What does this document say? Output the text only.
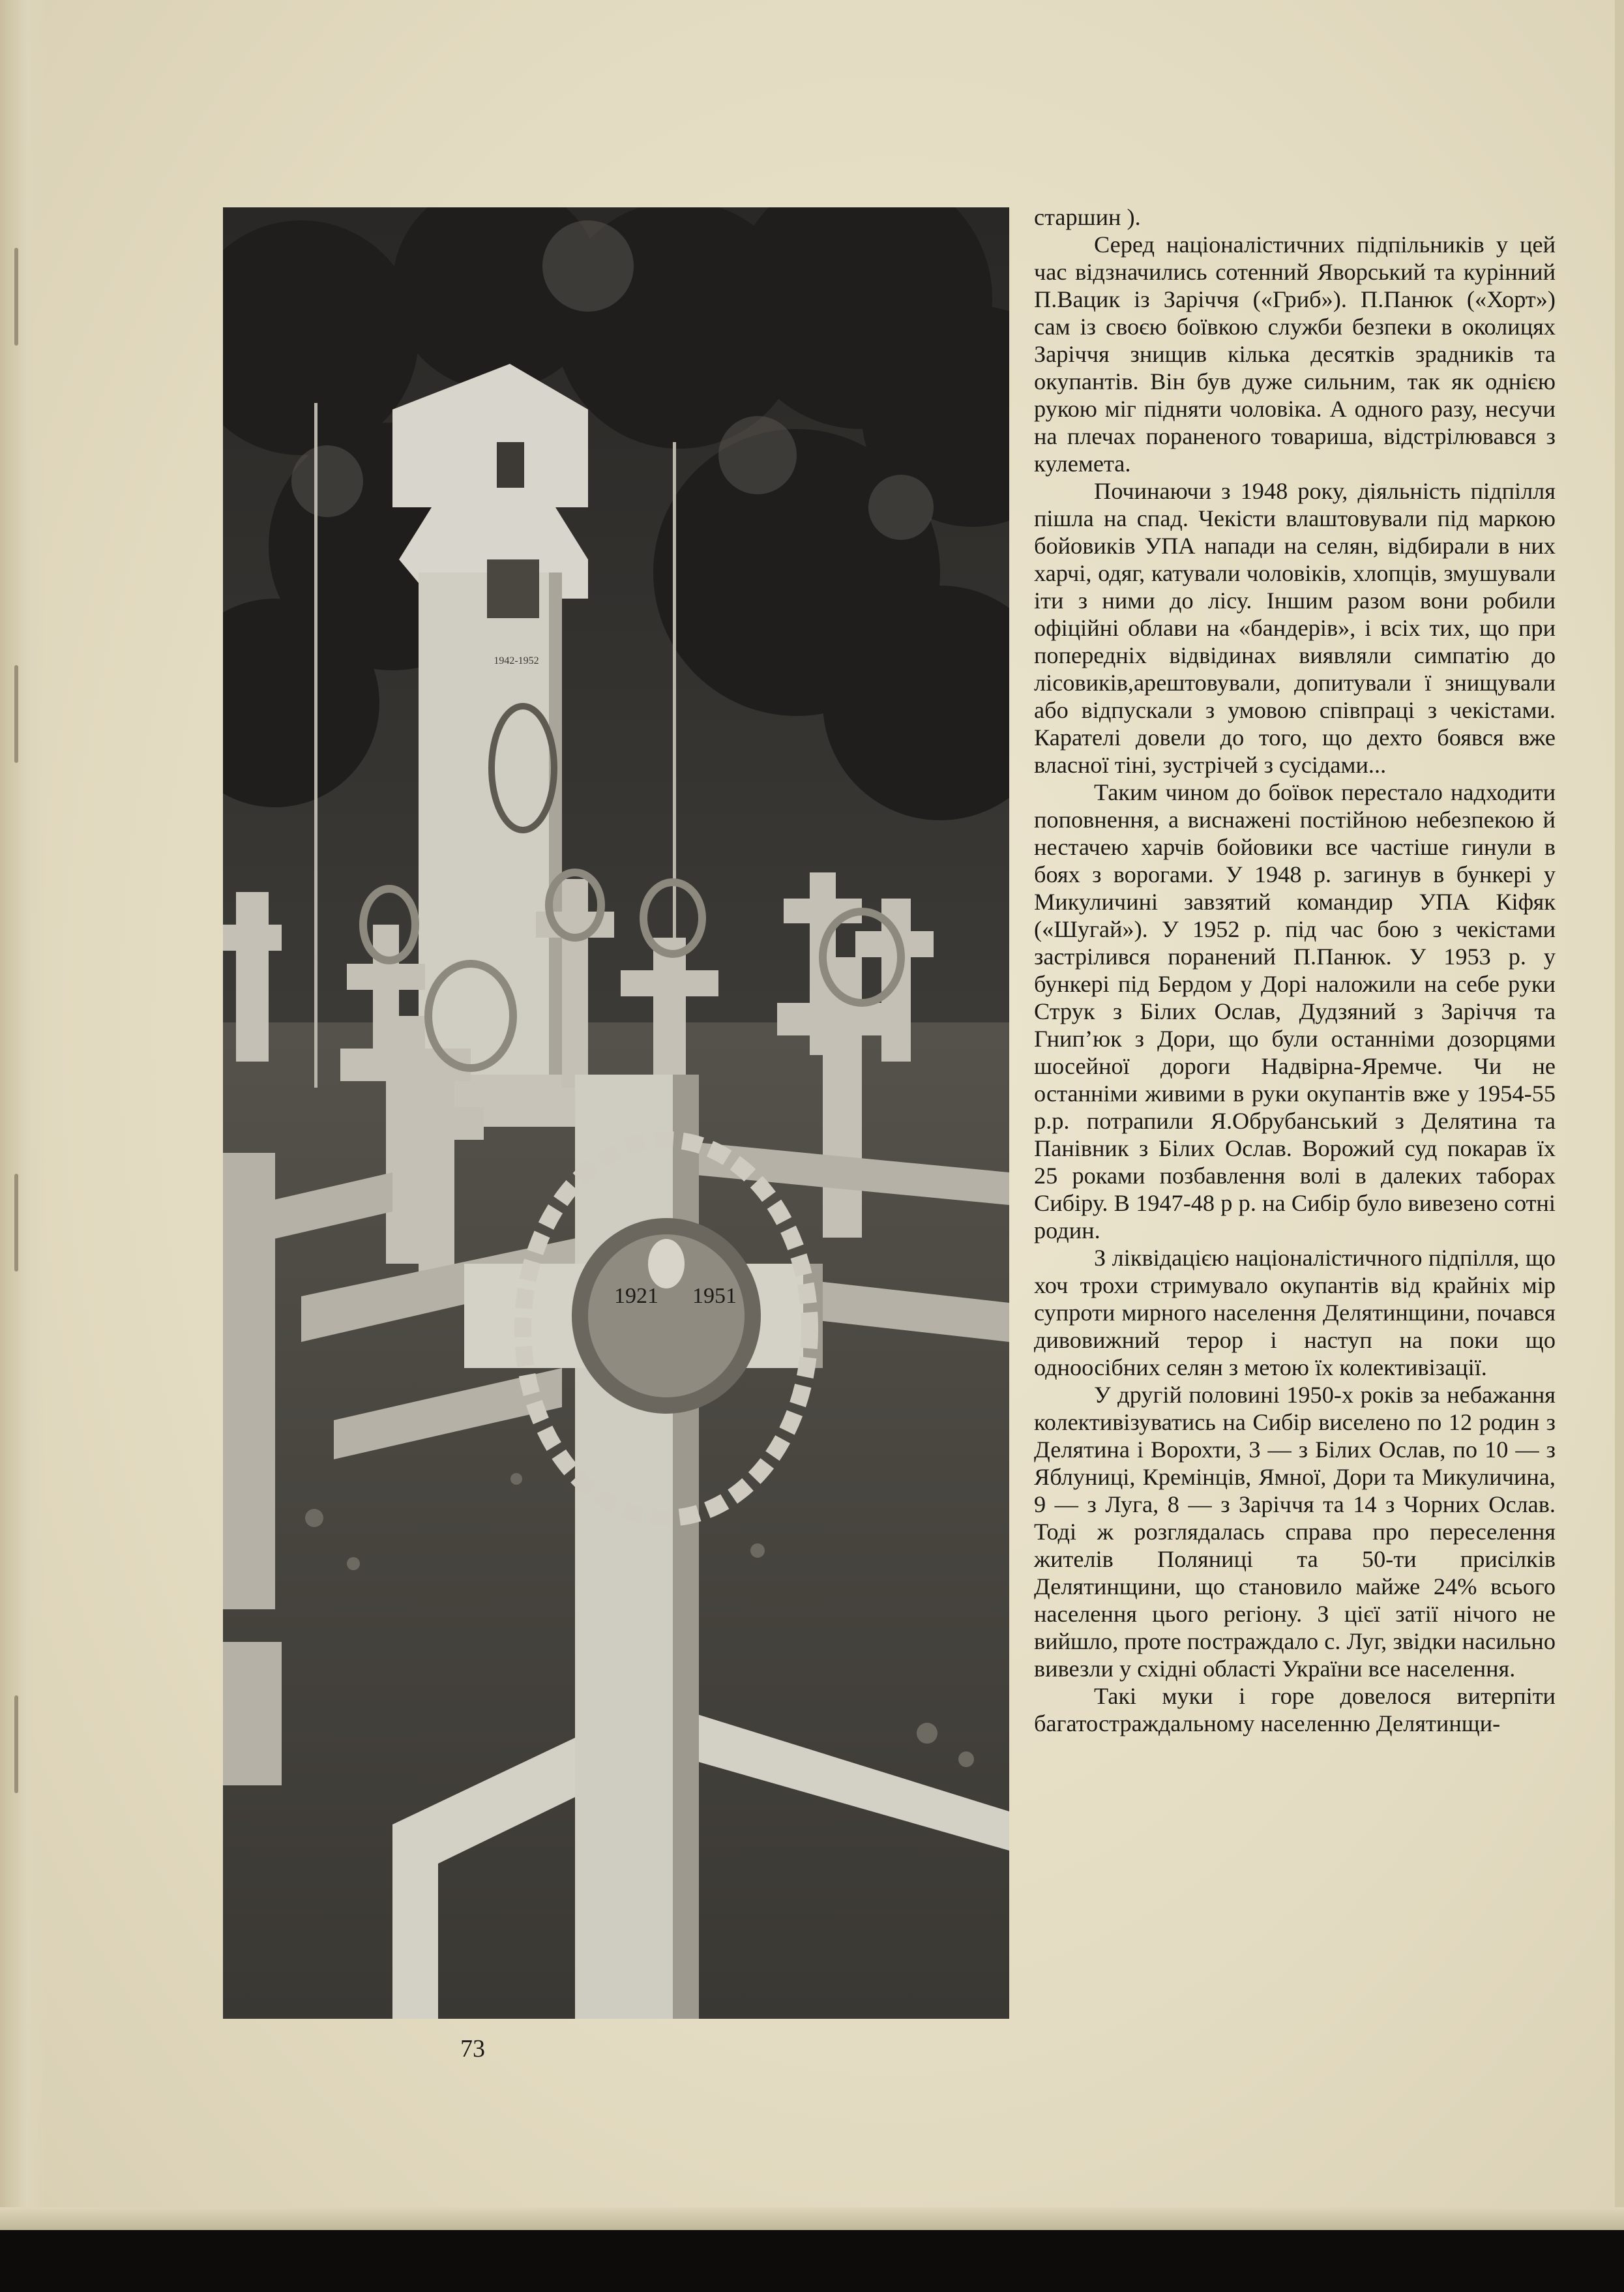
1942-1952
1921 1951

старшин ).

Серед націоналістичних підпільників у цей час відзначились сотенний Яворський та курінний П.Вацик із Заріччя («Гриб»). П.Панюк («Хорт») сам із своєю боївкою служби безпеки в околицях Заріччя знищив кілька десятків зрадників та окупантів. Він був дуже сильним, так як однією рукою міг підняти чоловіка. А одного разу, несучи на плечах пораненого товариша, відстрілювався з кулемета.

Починаючи з 1948 року, діяльність підпілля пішла на спад. Чекісти влаштовували під маркою бойовиків УПА напади на селян, відбирали в них харчі, одяг, катували чоловіків, хлопців, змушували іти з ними до лісу. Іншим разом вони робили офіційні облави на «бандерів», і всіх тих, що при попередніх відвідинах виявляли симпатію до лісовиків,арештовували, допитували ї знищували або відпускали з умовою співпраці з чекістами. Карателі довели до того, що дехто боявся вже власної тіні, зустрічей з сусідами...

Таким чином до боївок перестало надходити поповнення, а виснажені постійною небезпекою й нестачею харчів бойовики все частіше гинули в боях з ворогами. У 1948 р. загинув в бункері у Микуличині завзятий командир УПА Кіфяк («Шугай»). У 1952 р. під час бою з чекістами застрілився поранений П.Панюк. У 1953 р. у бункері під Бердом у Дорі наложили на себе руки Струк з Білих Ослав, Дудзяний з Заріччя та Гнип’юк з Дори, що були останніми дозорцями шосейної дороги Надвірна-Яремче. Чи не останніми живими в руки окупантів вже у 1954-55 р.р. потрапили Я.Обрубанський з Делятина та Панівник з Білих Ослав. Ворожий суд покарав їх 25 роками позбавлення волі в далеких таборах Сибіру. В 1947-48 р р. на Сибір було вивезено сотні родин.

З ліквідацією націоналістичного підпілля, що хоч трохи стримувало окупантів від крайніх мір супроти мирного населення Делятинщини, почався дивовижний терор і наступ на поки що одноосібних селян з метою їх колективізації.

У другій половині 1950-х років за небажання колективізуватись на Сибір виселено по 12 родин з Делятина і Ворохти, 3 — з Білих Ослав, по 10 — з Яблуниці, Кремінців, Ямної, Дори та Микуличина, 9 — з Луга, 8 — з Заріччя та 14 з Чорних Ослав. Тоді ж розглядалась справа про переселення жителів Поляниці та 50-ти присілків Делятинщини, що становило майже 24% всього населення цього регіону. З цієї затії нічого не вийшло, проте постраждало с. Луг, звідки насильно вивезли у східні області України все населення.

Такі муки і горе довелося витерпіти багатостраждальному населенню Делятинщи-

73
